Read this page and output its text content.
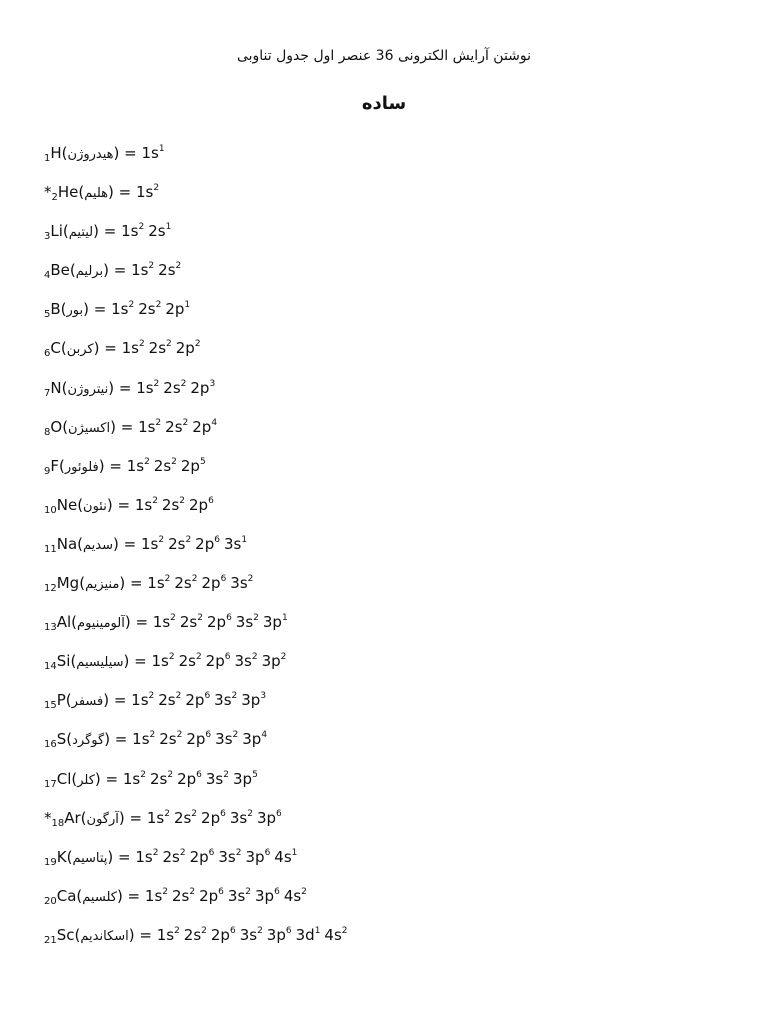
نوشتن آرایش الکترونی 36 عنصر اول جدول تناوبی
ساده
$_1$H(هیدروژن) = $1s^1$
$*_2He(هلیم) = 1s^2$
$_3$Li(لیتیم) = $1s^2$ $2s^1$
$_4$Be(برلیم) = $1s^2$ $2s^2$
$_5$B(بور) = $1s^2$ $2s^2$ $2p^1$
$_6$C(کربن) = $1s^2$ $2s^2$ $2p^2$
$_7$N(نیتروژن) = $1s^2$ $2s^2$ $2p^3$
$_8$O(اکسیژن) = $1s^2$ $2s^2$ $2p^4$
$_9$F(فلوئور) = $1s^2$ $2s^2$ $2p^5$
$_{10}$Ne(نئون) = $1s^2$ $2s^2$ $2p^6$
$_{11}$Na(سدیم) = $1s^2$ $2s^2$ $2p^6$ $3s^1$
$_{12}$Mg(منیزیم) = $1s^2$ $2s^2$ $2p^6$ $3s^2$
$_{13}$Al(آلومینیوم) = $1s^2$ $2s^2$ $2p^6$ $3s^2$ $3p^1$
$_{14}$Si(سیلیسیم) = $1s^2$ $2s^2$ $2p^6$ $3s^2$ $3p^2$
$_{15}$P(فسفر) = $1s^2$ $2s^2$ $2p^6$ $3s^2$ $3p^3$
$_{16}$S(گوگرد) = $1s^2$ $2s^2$ $2p^6$ $3s^2$ $3p^4$
$_{17}$Cl(کلر) = $1s^2$ $2s^2$ $2p^6$ $3s^2$ $3p^5$
$*_{18}Ar(آرگون) = 1s^2$ $2s^2$ $2p^6$ $3s^2$ $3p^6$
$_{19}$K(پتاسیم) = $1s^2$ $2s^2$ $2p^6$ $3s^2$ $3p^6$ $4s^1$
$_{20}$Ca(کلسیم) = $1s^2$ $2s^2$ $2p^6$ $3s^2$ $3p^6$ $4s^2$
$_{21}$Sc(اسکاندیم) = $1s^2$ $2s^2$ $2p^6$ $3s^2$ $3p^6$ $3d^1$ $4s^2$
